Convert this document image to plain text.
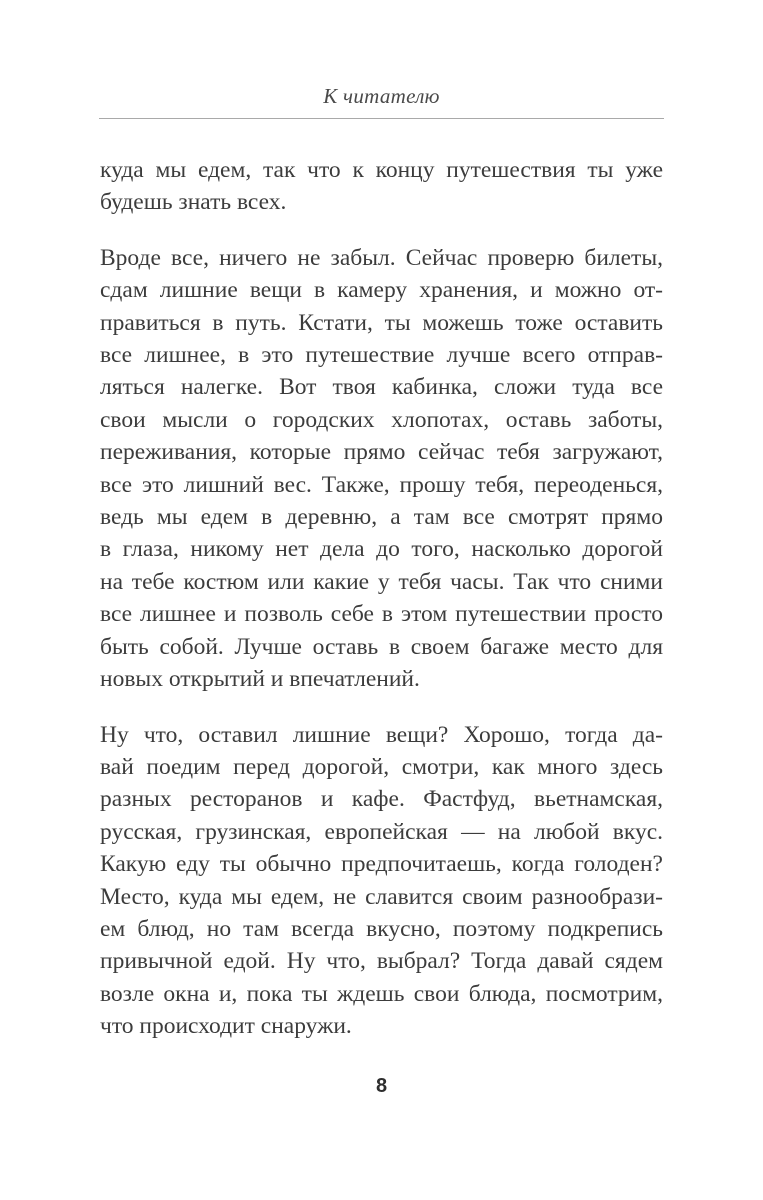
К читателю
куда мы едем, так что к концу путешествия ты уже
будешь знать всех.
Вроде все, ничего не забыл. Сейчас проверю билеты,
сдам лишние вещи в камеру хранения, и можно от-
правиться в путь. Кстати, ты можешь тоже оставить
все лишнее, в это путешествие лучше всего отправ-
ляться налегке. Вот твоя кабинка, сложи туда все
свои мысли о городских хлопотах, оставь заботы,
переживания, которые прямо сейчас тебя загружают,
все это лишний вес. Также, прошу тебя, переоденься,
ведь мы едем в деревню, а там все смотрят прямо
в глаза, никому нет дела до того, насколько дорогой
на тебе костюм или какие у тебя часы. Так что сними
все лишнее и позволь себе в этом путешествии просто
быть собой. Лучше оставь в своем багаже место для
новых открытий и впечатлений.
Ну что, оставил лишние вещи? Хорошо, тогда да-
вай поедим перед дорогой, смотри, как много здесь
разных ресторанов и кафе. Фастфуд, вьетнамская,
русская, грузинская, европейская — на любой вкус.
Какую еду ты обычно предпочитаешь, когда голоден?
Место, куда мы едем, не славится своим разнообрази-
ем блюд, но там всегда вкусно, поэтому подкрепись
привычной едой. Ну что, выбрал? Тогда давай сядем
возле окна и, пока ты ждешь свои блюда, посмотрим,
что происходит снаружи.
8
